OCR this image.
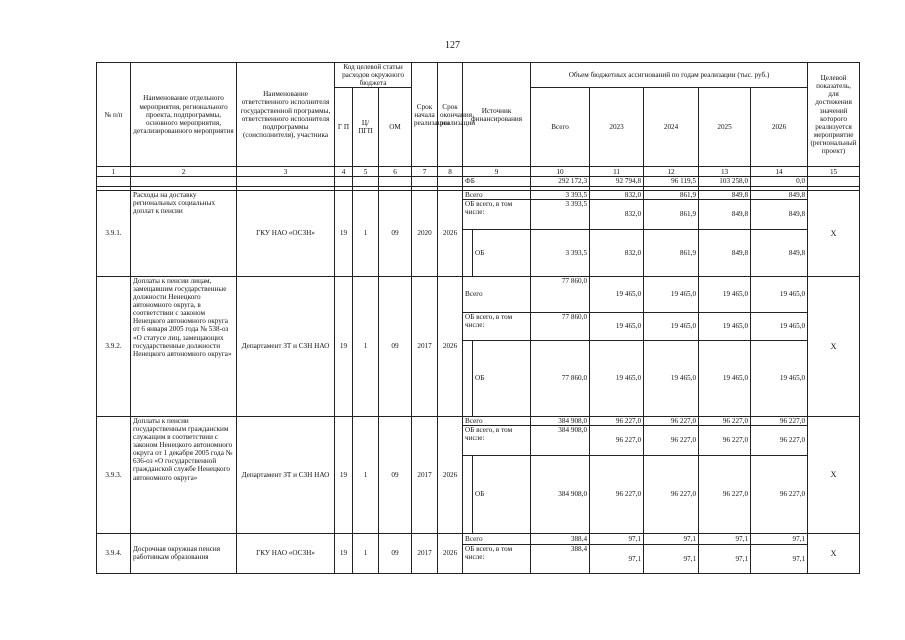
127
№ п/п	Наименование отдельного мероприятия, регионального проекта, подпрограммы, основного мероприятия, детализированного мероприятия	Наименование ответственного исполнителя государственной программы, ответственного исполнителя подпрограммы (соисполнителя), участника	Код целевой статьи расходов окружного бюджета			Срок начала реализации	Срок окончания реализации	Источник финансирования		Объем бюджетных ассигнований по годам реализации (тыс. руб.)					Целевой показатель, для достижения значений которого реализуется мероприятие (региональный проект)
			Г П	Ц/ ПГП	ОМ					Всего	2023	2024	2025	2026	

1	2	3	4	5	6	7	8	9		10	11	12	13	14	15
								ФБ		292 172,3	92 794,8	96 119,5	103 258,0	0,0	

3.9.1.	Расходы на доставку региональных социальных доплат к пенсии	ГКУ НАО «ОСЗН»	19	1	09	2020	2026	Всего		3 393,5	832,0	861,9	849,8	849,8	Х
								ОБ всего, в том числе:		3 393,5	832,0	861,9	849,8	849,8	
									ОБ	3 393,5	832,0	861,9	849,8	849,8	
3.9.2.	Доплаты к пенсии лицам, замещавшим государственные должности Ненецкого автономного округа, в соответствии с законом Ненецкого автономного округа от 6 января 2005 года № 538-оз «О статусе лиц, замещающих государственные должности Ненецкого автономного округа»	Департамент ЗТ и СЗН НАО	19	1	09	2017	2026	Всего		77 860,0	19 465,0	19 465,0	19 465,0	19 465,0	Х
								ОБ всего, в том числе:		77 860,0	19 465,0	19 465,0	19 465,0	19 465,0	
									ОБ	77 860,0	19 465,0	19 465,0	19 465,0	19 465,0	
3.9.3.	Доплаты к пенсии государственным гражданским служащим в соответствии с законом Ненецкого автономного округа от 1 декабря 2005 года № 636-оз «О государственной гражданской службе Ненецкого автономного округа»	Департамент ЗТ и СЗН НАО	19	1	09	2017	2026	Всего		384 908,0	96 227,0	96 227,0	96 227,0	96 227,0	Х
								ОБ всего, в том числе:		384 908,0	96 227,0	96 227,0	96 227,0	96 227,0	
									ОБ	384 908,0	96 227,0	96 227,0	96 227,0	96 227,0	
3.9.4.	Досрочная окружная пенсия работникам образования	ГКУ НАО «ОСЗН»	19	1	09	2017	2026	Всего		388,4	97,1	97,1	97,1	97,1	Х
								ОБ всего, в том числе:		388,4	97,1	97,1	97,1	97,1	
